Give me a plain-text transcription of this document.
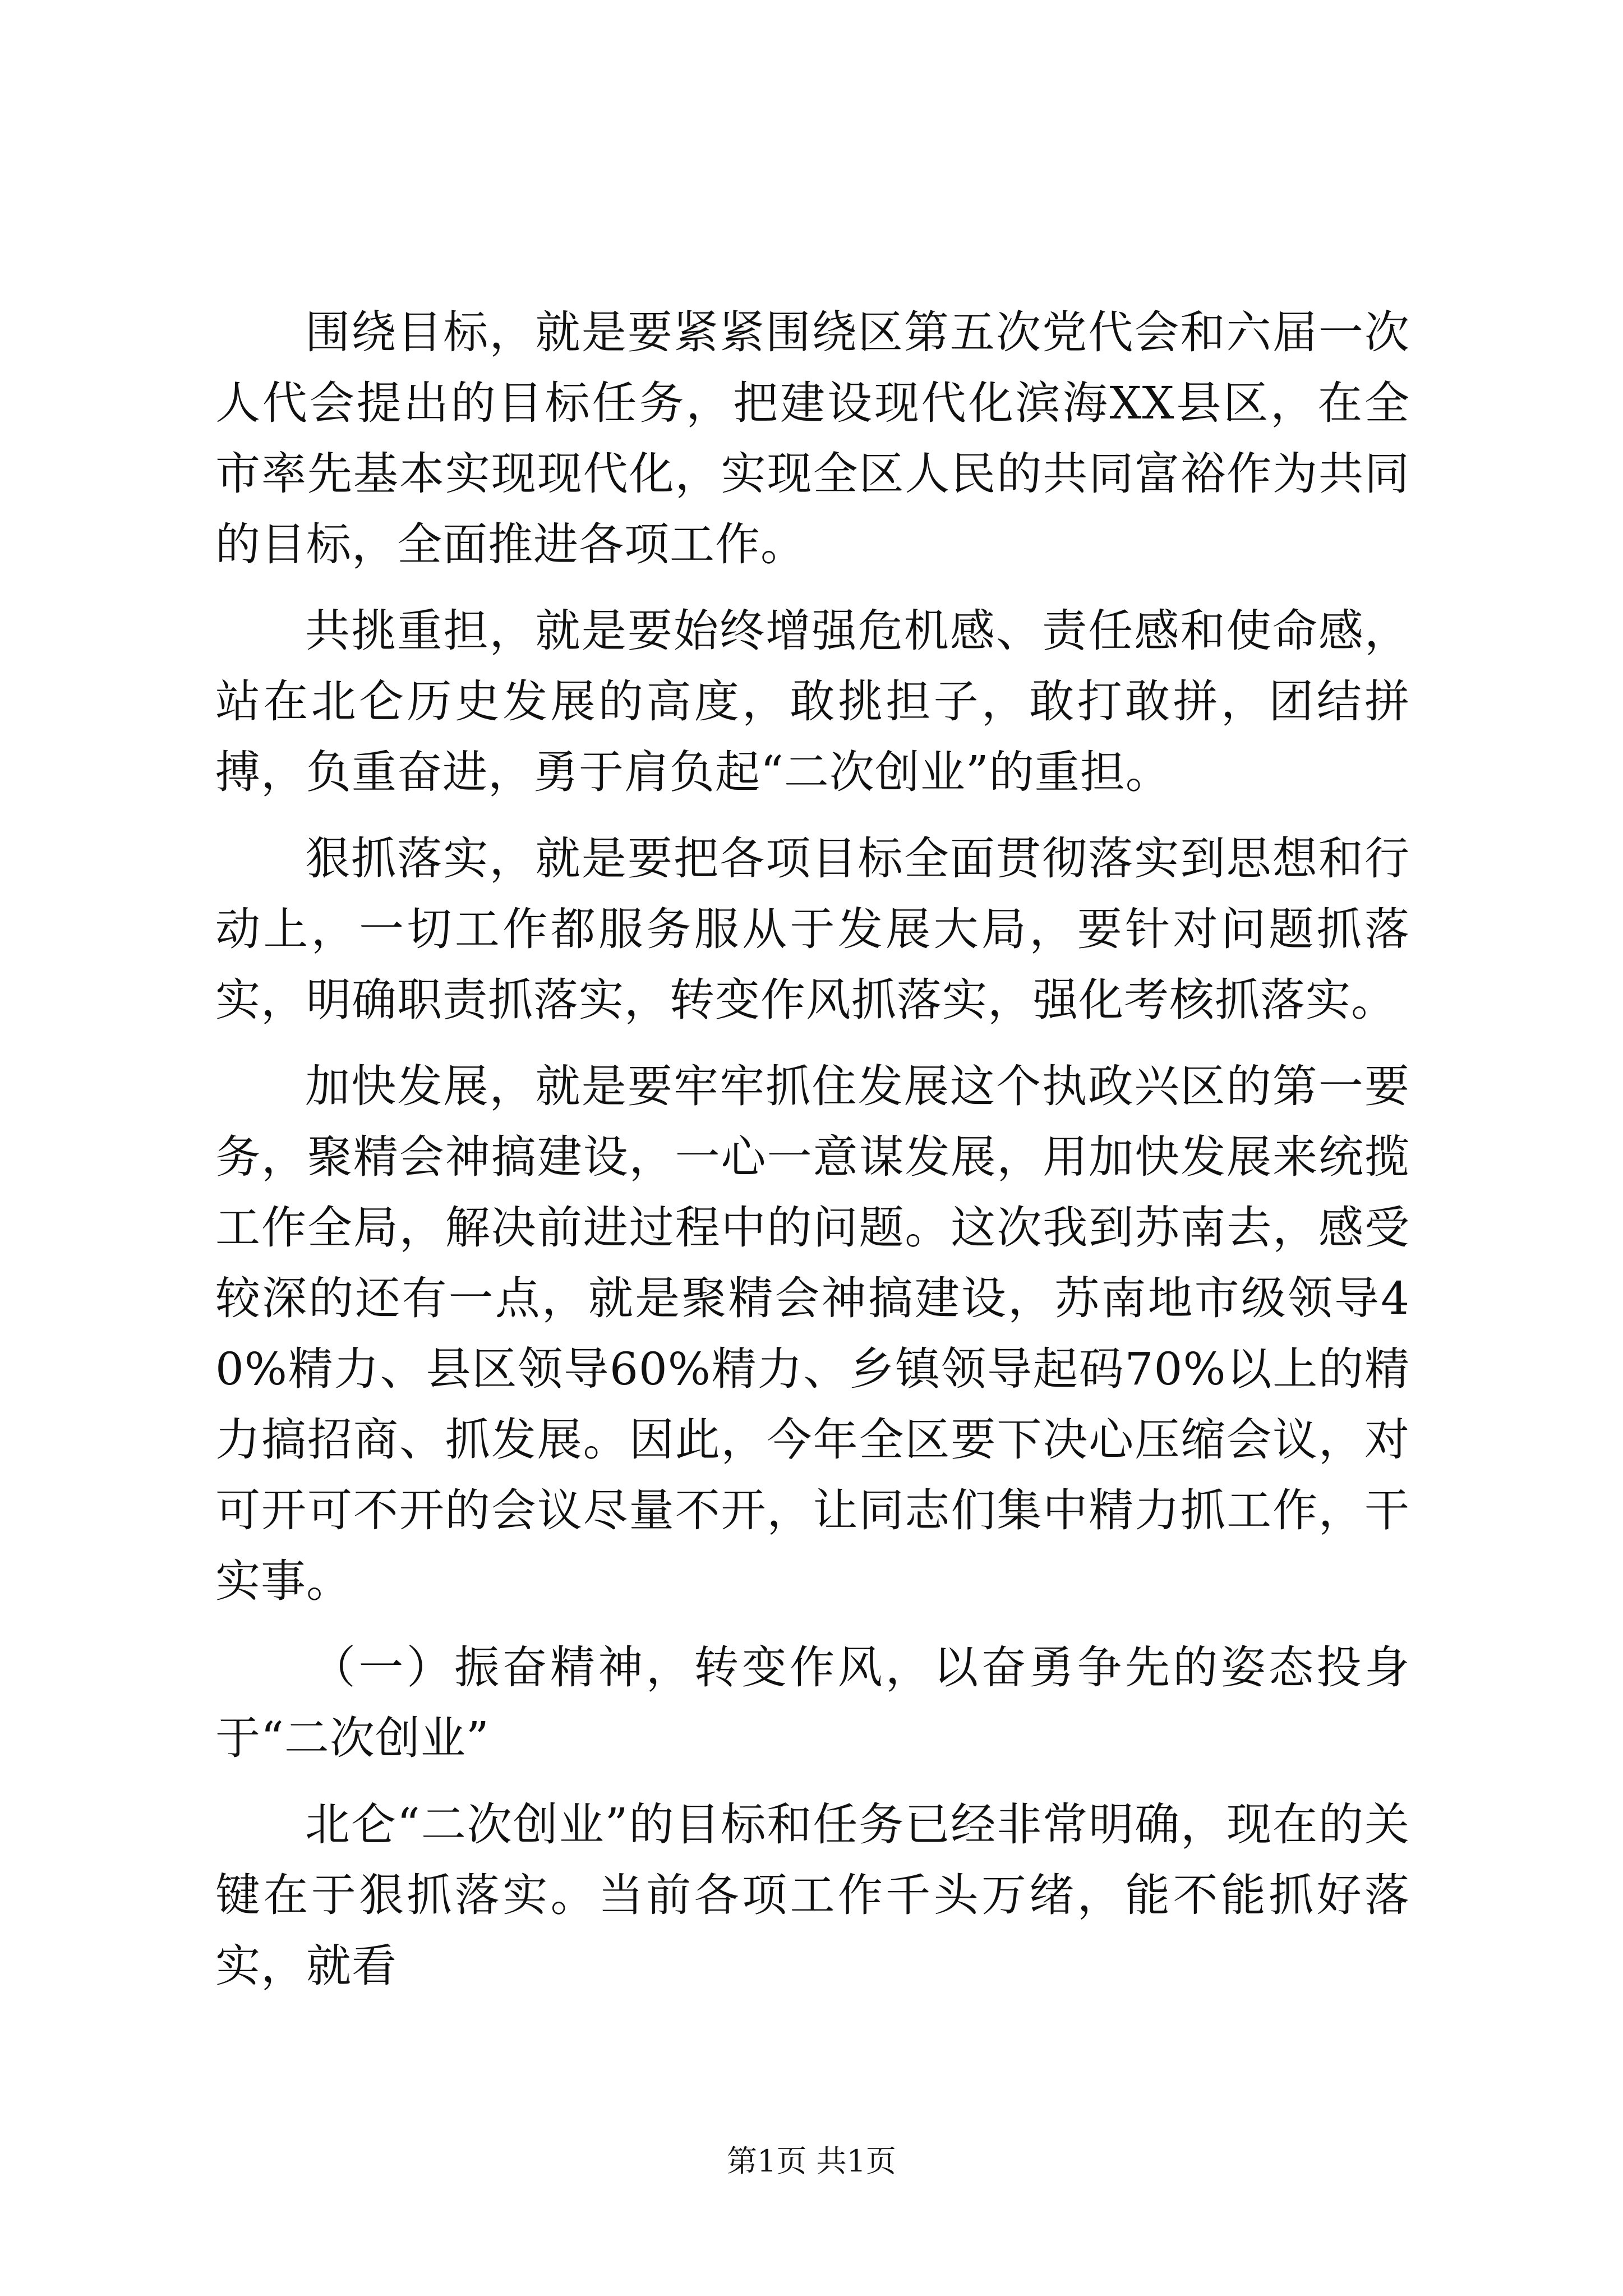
围绕目标，就是要紧紧围绕区第五次党代会和六届一次人代会提出的目标任务，把建设现代化滨海XX县区，在全市率先基本实现现代化，实现全区人民的共同富裕作为共同的目标，全面推进各项工作。

共挑重担，就是要始终增强危机感、责任感和使命感，站在北仑历史发展的高度，敢挑担子，敢打敢拼，团结拼搏，负重奋进，勇于肩负起“二次创业”的重担。

狠抓落实，就是要把各项目标全面贯彻落实到思想和行动上，一切工作都服务服从于发展大局，要针对问题抓落实，明确职责抓落实，转变作风抓落实，强化考核抓落实。

加快发展，就是要牢牢抓住发展这个执政兴区的第一要务，聚精会神搞建设，一心一意谋发展，用加快发展来统揽工作全局，解决前进过程中的问题。这次我到苏南去，感受较深的还有一点，就是聚精会神搞建设，苏南地市级领导40%精力、县区领导60%精力、乡镇领导起码70%以上的精力搞招商、抓发展。因此，今年全区要下决心压缩会议，对可开可不开的会议尽量不开，让同志们集中精力抓工作，干实事。

（一）振奋精神，转变作风，以奋勇争先的姿态投身于“二次创业”

北仑“二次创业”的目标和任务已经非常明确，现在的关键在于狠抓落实。当前各项工作千头万绪，能不能抓好落实，就看

第1页 共1页
